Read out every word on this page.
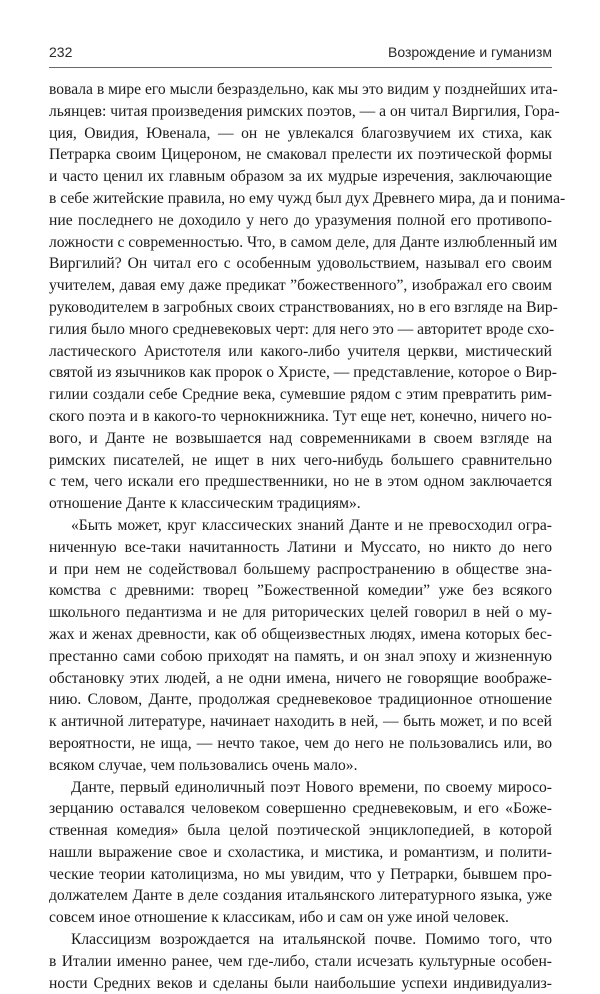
232	Возрождение и гуманизм
вовала в мире его мысли безраздельно, как мы это видим у позднейших ита-
льянцев: читая произведения римских поэтов, — а он читал Виргилия, Гора-
ция, Овидия, Ювенала, — он не увлекался благозвучием их стиха, как
Петрарка своим Цицероном, не смаковал прелести их поэтической формы
и часто ценил их главным образом за их мудрые изречения, заключающие
в себе житейские правила, но ему чужд был дух Древнего мира, да и понима-
ние последнего не доходило у него до уразумения полной его противопо-
ложности с современностью. Что, в самом деле, для Данте излюбленный им
Виргилий? Он читал его с особенным удовольствием, называл его своим
учителем, давая ему даже предикат ”божественного”, изображал его своим
руководителем в загробных своих странствованиях, но в его взгляде на Вир-
гилия было много средневековых черт: для него это — авторитет вроде схо-
ластического Аристотеля или какого-либо учителя церкви, мистический
святой из язычников как пророк о Христе, — представление, которое о Вир-
гилии создали себе Средние века, сумевшие рядом с этим превратить рим-
ского поэта и в какого-то чернокнижника. Тут еще нет, конечно, ничего но-
вого, и Данте не возвышается над современниками в своем взгляде на
римских писателей, не ищет в них чего-нибудь большего сравнительно
с тем, чего искали его предшественники, но не в этом одном заключается
отношение Данте к классическим традициям».
«Быть может, круг классических знаний Данте и не превосходил огра-
ниченную все-таки начитанность Латини и Муссато, но никто до него
и при нем не содействовал большему распространению в обществе зна-
комства с древними: творец ”Божественной комедии” уже без всякого
школьного педантизма и не для риторических целей говорил в ней о му-
жах и женах древности, как об общеизвестных людях, имена которых бес-
престанно сами собою приходят на память, и он знал эпоху и жизненную
обстановку этих людей, а не одни имена, ничего не говорящие воображе-
нию. Словом, Данте, продолжая средневековое традиционное отношение
к античной литературе, начинает находить в ней, — быть может, и по всей
вероятности, не ища, — нечто такое, чем до него не пользовались или, во
всяком случае, чем пользовались очень мало».
Данте, первый единоличный поэт Нового времени, по своему миросо-
зерцанию оставался человеком совершенно средневековым, и его «Боже-
ственная комедия» была целой поэтической энциклопедией, в которой
нашли выражение свое и схоластика, и мистика, и романтизм, и полити-
ческие теории католицизма, но мы увидим, что у Петрарки, бывшем про-
должателем Данте в деле создания итальянского литературного языка, уже
совсем иное отношение к классикам, ибо и сам он уже иной человек.
Классицизм возрождается на итальянской почве. Помимо того, что
в Италии именно ранее, чем где-либо, стали исчезать культурные особен-
ности Средних веков и сделаны были наибольшие успехи индивидуализ-
